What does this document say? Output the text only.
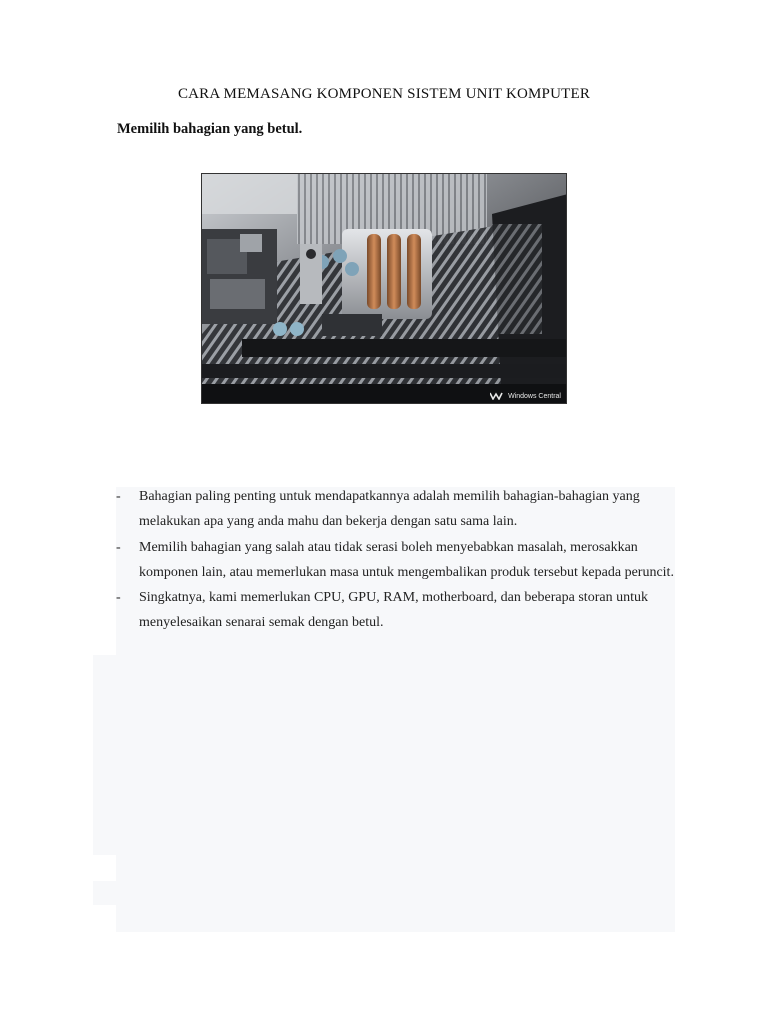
CARA MEMASANG KOMPONEN SISTEM UNIT KOMPUTER
Memilih bahagian yang betul.
Windows Central
- Bahagian paling penting untuk mendapatkannya adalah memilih bahagian-bahagian yang melakukan apa yang anda mahu dan bekerja dengan satu sama lain.
- Memilih bahagian yang salah atau tidak serasi boleh menyebabkan masalah, merosakkan komponen lain, atau memerlukan masa untuk mengembalikan produk tersebut kepada peruncit.
- Singkatnya, kami memerlukan CPU, GPU, RAM, motherboard, dan beberapa storan untuk menyelesaikan senarai semak dengan betul.
